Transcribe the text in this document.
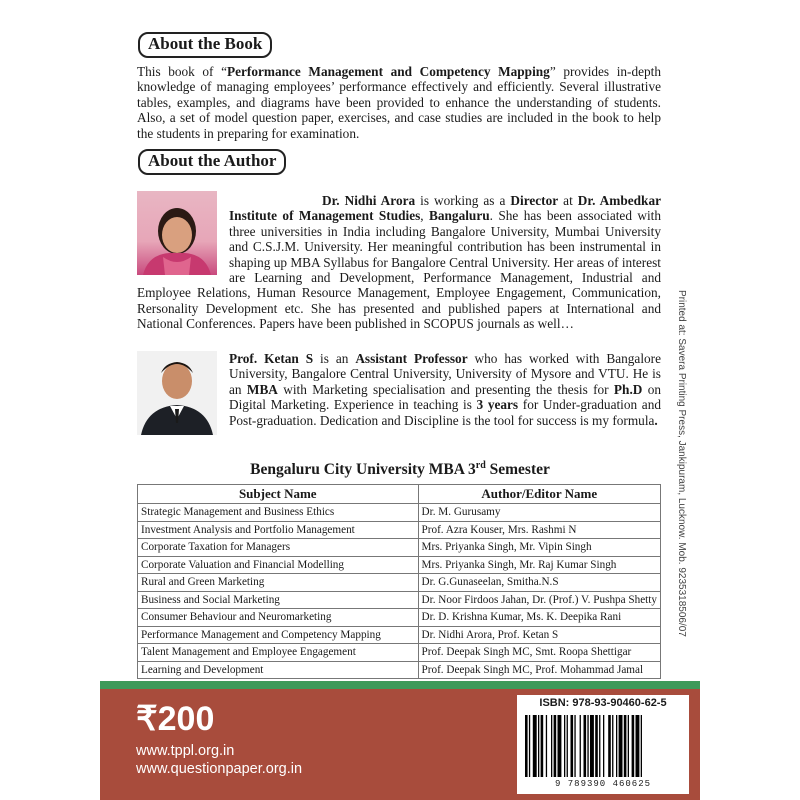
About the Book
This book of “Performance Management and Competency Mapping” provides in-depth knowledge of managing employees’ performance effectively and efficiently. Several illustrative tables, examples, and diagrams have been provided to enhance the understanding of students. Also, a set of model question paper, exercises, and case studies are included in the book to help the students in preparing for examination.
About the Author
Dr. Nidhi Arora is working as a Director at Dr. Ambedkar Institute of Management Studies, Bangaluru. She has been associated with three universities in India including Bangalore University, Mumbai University and C.S.J.M. University. Her meaningful contribution has been instrumental in shaping up MBA Syllabus for Bangalore Central University. Her areas of interest are Learning and Development, Performance Management, Industrial and Employee Relations, Human Resource Management, Employee Engagement, Communication, Rersonality Development etc. She has presented and published papers at International and National Conferences. Papers have been published in SCOPUS journals as well…
Prof. Ketan S is an Assistant Professor who has worked with Bangalore University, Bangalore Central University, University of Mysore and VTU. He is an MBA with Marketing specialisation and presenting the thesis for Ph.D on Digital Marketing. Experience in teaching is 3 years for Under-graduation and Post-graduation. Dedication and Discipline is the tool for success is my formula.
Bengaluru City University MBA 3rd Semester
Subject Name	Author/Editor Name
Strategic Management and Business Ethics	Dr. M. Gurusamy
Investment Analysis and Portfolio Management	Prof. Azra Kouser, Mrs. Rashmi N
Corporate Taxation for Managers	Mrs. Priyanka Singh, Mr. Vipin Singh
Corporate Valuation and Financial Modelling	Mrs. Priyanka Singh, Mr. Raj Kumar Singh
Rural and Green Marketing	Dr. G.Gunaseelan, Smitha.N.S
Business and Social Marketing	Dr. Noor Firdoos Jahan, Dr. (Prof.) V. Pushpa Shetty
Consumer Behaviour and Neuromarketing	Dr. D. Krishna Kumar, Ms. K. Deepika Rani
Performance Management and Competency Mapping	Dr. Nidhi Arora, Prof. Ketan S
Talent Management and Employee Engagement	Prof. Deepak Singh MC, Smt. Roopa Shettigar
Learning and Development	Prof. Deepak Singh MC, Prof. Mohammad Jamal
Printed at: Savera Printing Press, Jankipuram, Lucknow. Mob. 9235318506/07
₹200
www.tppl.org.in
www.questionpaper.org.in
ISBN: 978-93-90460-62-5
9 789390 460625
